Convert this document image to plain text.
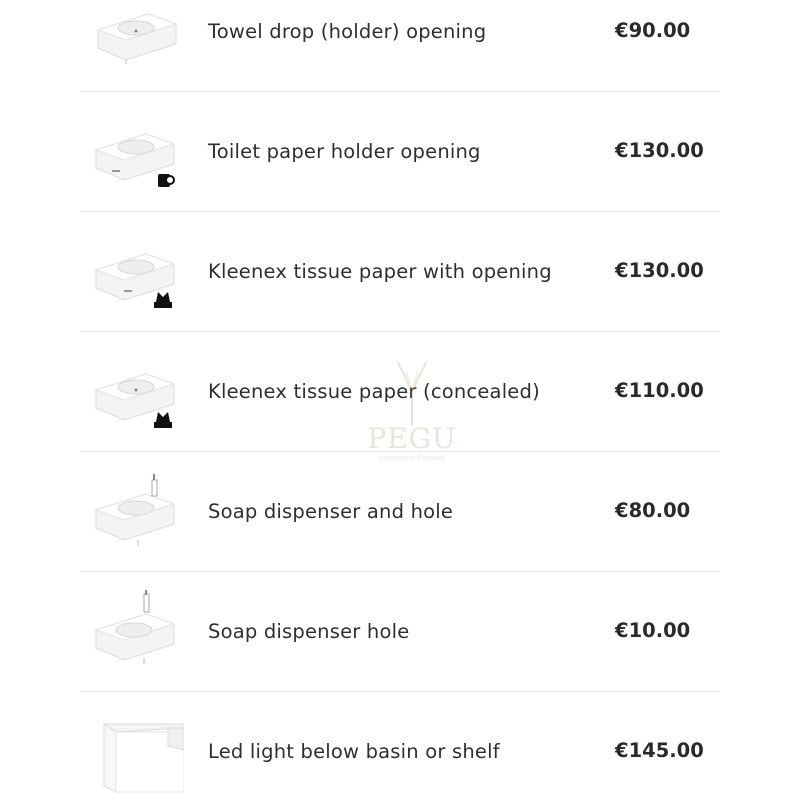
Towel drop (holder) opening	€90.00
Toilet paper holder opening	€130.00
Kleenex tissue paper with opening	€130.00
Kleenex tissue paper (concealed)	€110.00
Soap dispenser and hole	€80.00
Soap dispenser hole	€10.00
Led light below basin or shelf	€145.00
PEGU
Luxurious Fashion
